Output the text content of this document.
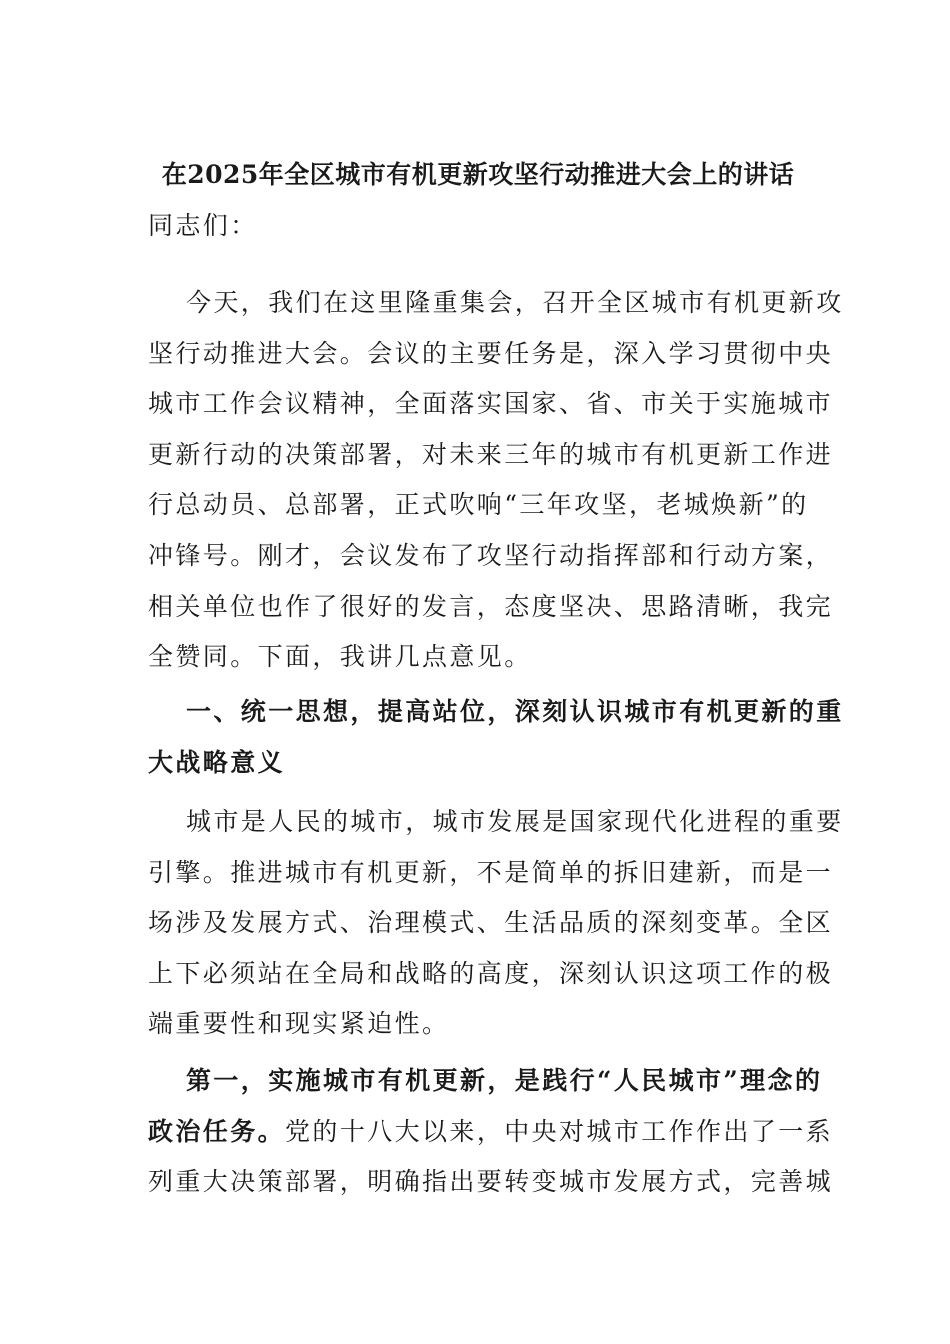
在2025年全区城市有机更新攻坚行动推进大会上的讲话
同志们：
今天，我们在这里隆重集会，召开全区城市有机更新攻
坚行动推进大会。会议的主要任务是，深入学习贯彻中央
城市工作会议精神，全面落实国家、省、市关于实施城市
更新行动的决策部署，对未来三年的城市有机更新工作进
行总动员、总部署，正式吹响“三年攻坚，老城焕新”的
冲锋号。刚才，会议发布了攻坚行动指挥部和行动方案，
相关单位也作了很好的发言，态度坚决、思路清晰，我完
全赞同。下面，我讲几点意见。
一、统一思想，提高站位，深刻认识城市有机更新的重
大战略意义
城市是人民的城市，城市发展是国家现代化进程的重要
引擎。推进城市有机更新，不是简单的拆旧建新，而是一
场涉及发展方式、治理模式、生活品质的深刻变革。全区
上下必须站在全局和战略的高度，深刻认识这项工作的极
端重要性和现实紧迫性。
第一，实施城市有机更新，是践行“人民城市”理念的
政治任务。党的十八大以来，中央对城市工作作出了一系
列重大决策部署，明确指出要转变城市发展方式，完善城
